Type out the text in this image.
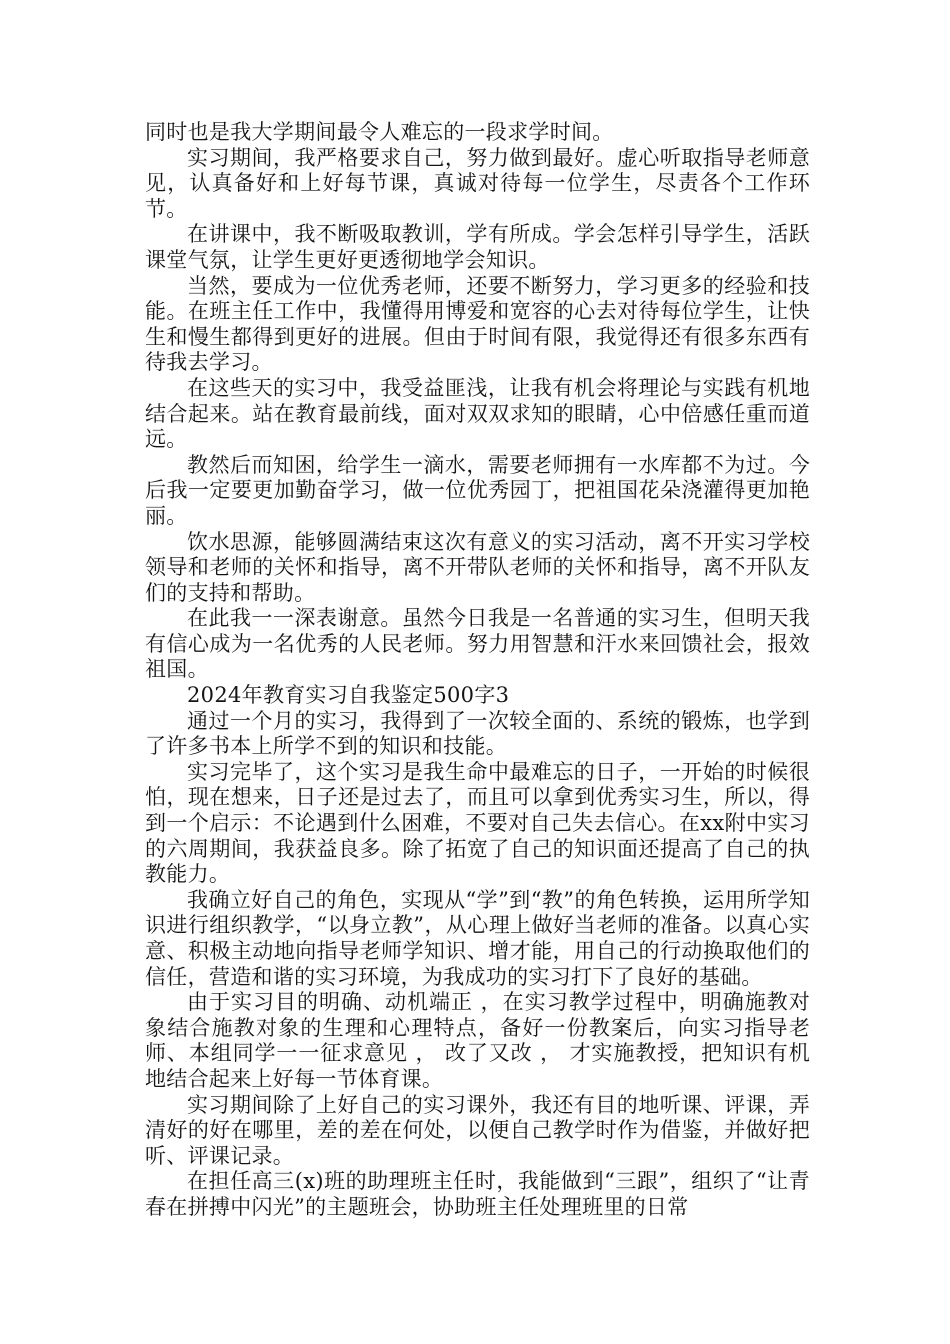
同时也是我大学期间最令人难忘的一段求学时间。

实习期间，我严格要求自己，努力做到最好。虚心听取指导老师意见，认真备好和上好每节课，真诚对待每一位学生，尽责各个工作环节。

在讲课中，我不断吸取教训，学有所成。学会怎样引导学生，活跃课堂气氛，让学生更好更透彻地学会知识。

当然，要成为一位优秀老师，还要不断努力，学习更多的经验和技能。在班主任工作中，我懂得用博爱和宽容的心去对待每位学生，让快生和慢生都得到更好的进展。但由于时间有限，我觉得还有很多东西有待我去学习。

在这些天的实习中，我受益匪浅，让我有机会将理论与实践有机地结合起来。站在教育最前线，面对双双求知的眼睛，心中倍感任重而道远。

教然后而知困，给学生一滴水，需要老师拥有一水库都不为过。今后我一定要更加勤奋学习，做一位优秀园丁，把祖国花朵浇灌得更加艳丽。

饮水思源，能够圆满结束这次有意义的实习活动，离不开实习学校领导和老师的关怀和指导，离不开带队老师的关怀和指导，离不开队友们的支持和帮助。

在此我一一深表谢意。虽然今日我是一名普通的实习生，但明天我有信心成为一名优秀的人民老师。努力用智慧和汗水来回馈社会，报效祖国。

2024年教育实习自我鉴定500字3

通过一个月的实习，我得到了一次较全面的、系统的锻炼，也学到了许多书本上所学不到的知识和技能。

实习完毕了，这个实习是我生命中最难忘的日子，一开始的时候很怕，现在想来，日子还是过去了，而且可以拿到优秀实习生，所以，得到一个启示：不论遇到什么困难，不要对自己失去信心。在xx附中实习的六周期间，我获益良多。除了拓宽了自己的知识面还提高了自己的执教能力。

我确立好自己的角色，实现从“学”到“教”的角色转换，运用所学知识进行组织教学，“以身立教”，从心理上做好当老师的准备。以真心实意、积极主动地向指导老师学知识、增才能，用自己的行动换取他们的信任，营造和谐的实习环境，为我成功的实习打下了良好的基础。

由于实习目的明确、动机端正 ，在实习教学过程中，明确施教对象结合施教对象的生理和心理特点，备好一份教案后，向实习指导老师、本组同学一一征求意见 ， 改了又改 ， 才实施教授，把知识有机地结合起来上好每一节体育课。

实习期间除了上好自己的实习课外，我还有目的地听课、评课，弄清好的好在哪里，差的差在何处，以便自己教学时作为借鉴，并做好把听、评课记录。

在担任高三(x)班的助理班主任时，我能做到“三跟”，组织了“让青春在拼搏中闪光”的主题班会，协助班主任处理班里的日常
